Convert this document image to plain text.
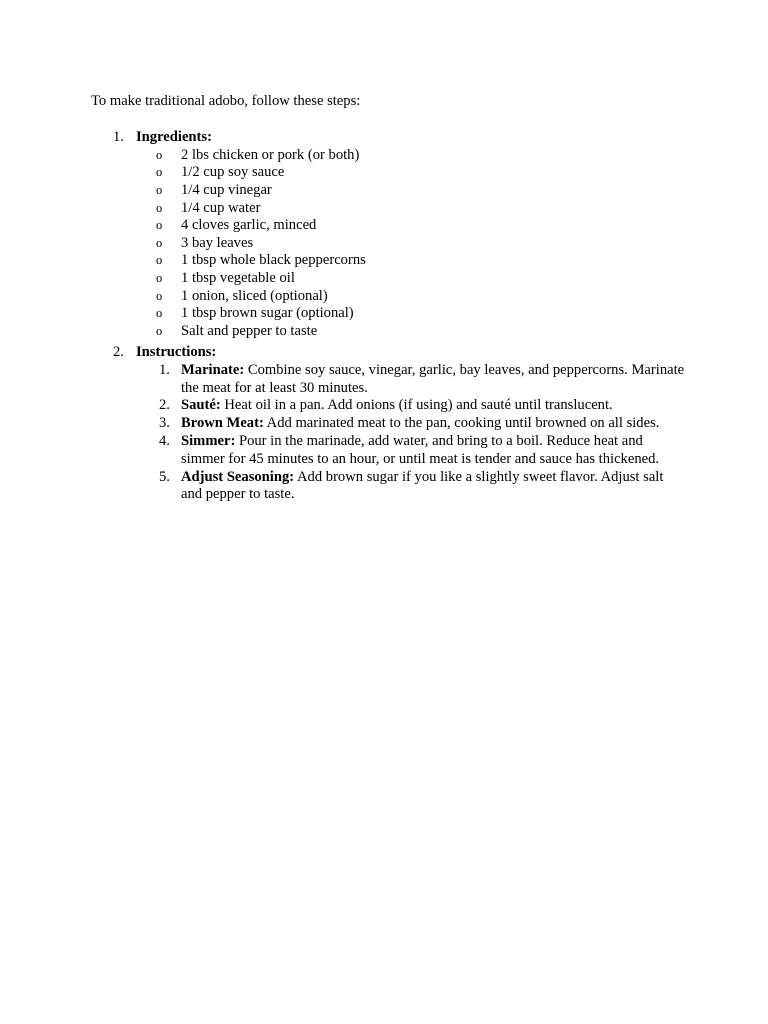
To make traditional adobo, follow these steps:
1. Ingredients:
o 2 lbs chicken or pork (or both)
o 1/2 cup soy sauce
o 1/4 cup vinegar
o 1/4 cup water
o 4 cloves garlic, minced
o 3 bay leaves
o 1 tbsp whole black peppercorns
o 1 tbsp vegetable oil
o 1 onion, sliced (optional)
o 1 tbsp brown sugar (optional)
o Salt and pepper to taste
2. Instructions:
1. Marinate: Combine soy sauce, vinegar, garlic, bay leaves, and peppercorns. Marinate the meat for at least 30 minutes.
2. Sauté: Heat oil in a pan. Add onions (if using) and sauté until translucent.
3. Brown Meat: Add marinated meat to the pan, cooking until browned on all sides.
4. Simmer: Pour in the marinade, add water, and bring to a boil. Reduce heat and simmer for 45 minutes to an hour, or until meat is tender and sauce has thickened.
5. Adjust Seasoning: Add brown sugar if you like a slightly sweet flavor. Adjust salt and pepper to taste.
